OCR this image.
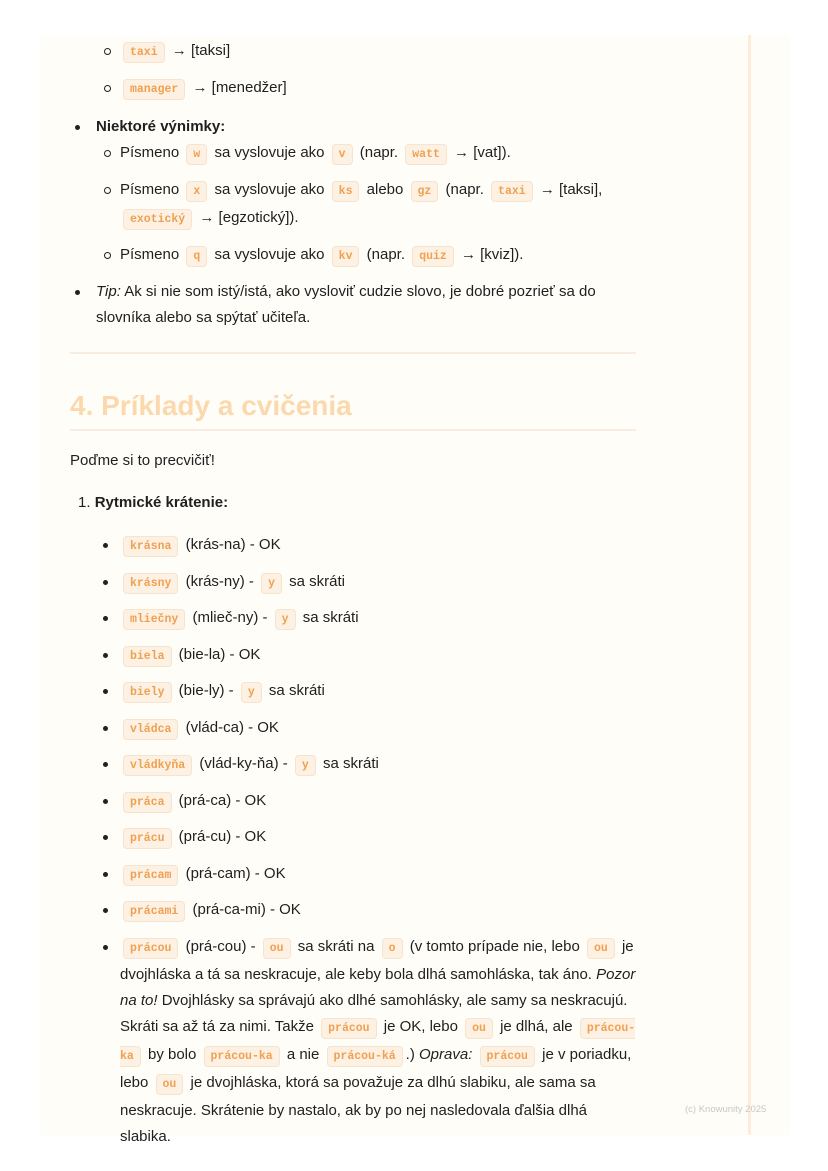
taxi → [taksi]
manager → [menedžer]
Niektoré výnimky:
Písmeno w sa vyslovuje ako v (napr. watt → [vat]).
Písmeno x sa vyslovuje ako ks alebo gz (napr. taxi → [taksi], exotický → [egzotický]).
Písmeno q sa vyslovuje ako kv (napr. quiz → [kviz]).
Tip: Ak si nie som istý/istá, ako vysloviť cudzie slovo, je dobré pozrieť sa do slovníka alebo sa spýtať učiteľa.
4. Príklady a cvičenia

Poďme si to precvičiť!

1. Rytmické krátenie:
krásna (krás-na) - OK
krásny (krás-ny) - y sa skráti
mliečny (mlieč-ny) - y sa skráti
biela (bie-la) - OK
biely (bie-ly) - y sa skráti
vládca (vlád-ca) - OK
vládkyňa (vlád-ky-ňa) - y sa skráti
práca (prá-ca) - OK
prácu (prá-cu) - OK
prácam (prá-cam) - OK
prácami (prá-ca-mi) - OK
prácou (prá-cou) - ou sa skráti na o (v tomto prípade nie, lebo ou je dvojhláska a tá sa neskracuje, ale keby bola dlhá samohláska, tak áno. Pozor na to! Dvojhlásky sa správajú ako dlhé samohlásky, ale samy sa neskracujú. Skráti sa až tá za nimi. Takže prácou je OK, lebo ou je dlhá, ale prácou-ka by bolo prácou-ka a nie prácou-ká .) Oprava: prácou je v poriadku, lebo ou je dvojhláska, ktorá sa považuje za dlhú slabiku, ale sama sa neskracuje. Skrátenie by nastalo, ak by po nej nasledovala ďalšia dlhá slabika.
(c) Knowunity 2025
